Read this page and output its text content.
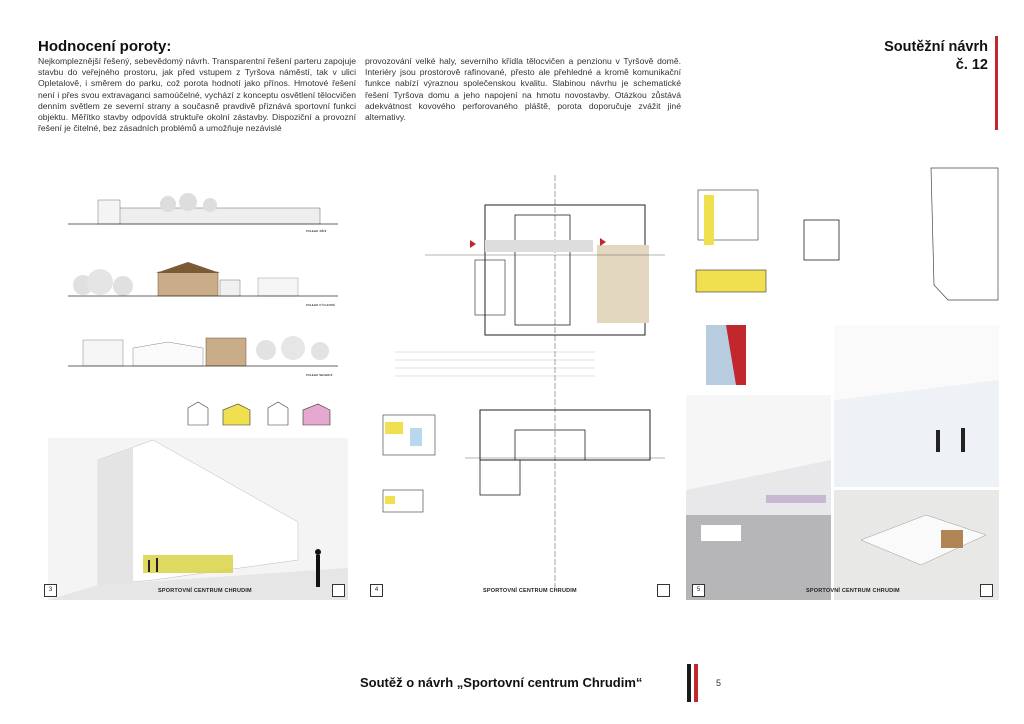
Hodnocení poroty:
Nejkompleznější řešený, sebevědomý návrh. Transparentní řešení parteru zapojuje stavbu do veřejného prostoru, jak před vstupem z Tyršova náměstí, tak v ulici Opletalově, i směrem do parku, což porota hodnotí jako přínos. Hmotové řešení není i přes svou extravaganci samoúčelné, vychází z konceptu osvětlení tělocvičen denním světlem ze severní strany a současně pravdivě přiznává sportovní funkci objektu. Měřítko stavby odpovídá struktuře okolní zástavby. Dispoziční a provozní řešení je čitelné, bez zásadních problémů a umožňuje nezávislé
provozování velké haly, severního křídla tělocvičen a penzionu v Tyršově domě. Interiéry jsou prostorově rafinované, přesto ale přehledné a kromě komunikační funkce nabízí výraznou společenskou kvalitu. Slabinou návrhu je schematické řešení Tyršova domu a jeho napojení na hmotu novostavby. Otázkou zůstává adekvátnost kovového perforovaného pláště, porota doporučuje zvážit jiné alternativy.
Soutěžní návrh
č. 12
POHLED JIŽNÍ
POHLED VÝCHODNÍ
POHLED SEVERNÍ
3	SPORTOVNÍ CENTRUM CHRUDIM	4	SPORTOVNÍ CENTRUM CHRUDIM	5	SPORTOVNÍ CENTRUM CHRUDIM
Soutěž o návrh „Sportovní centrum Chrudim“	5
